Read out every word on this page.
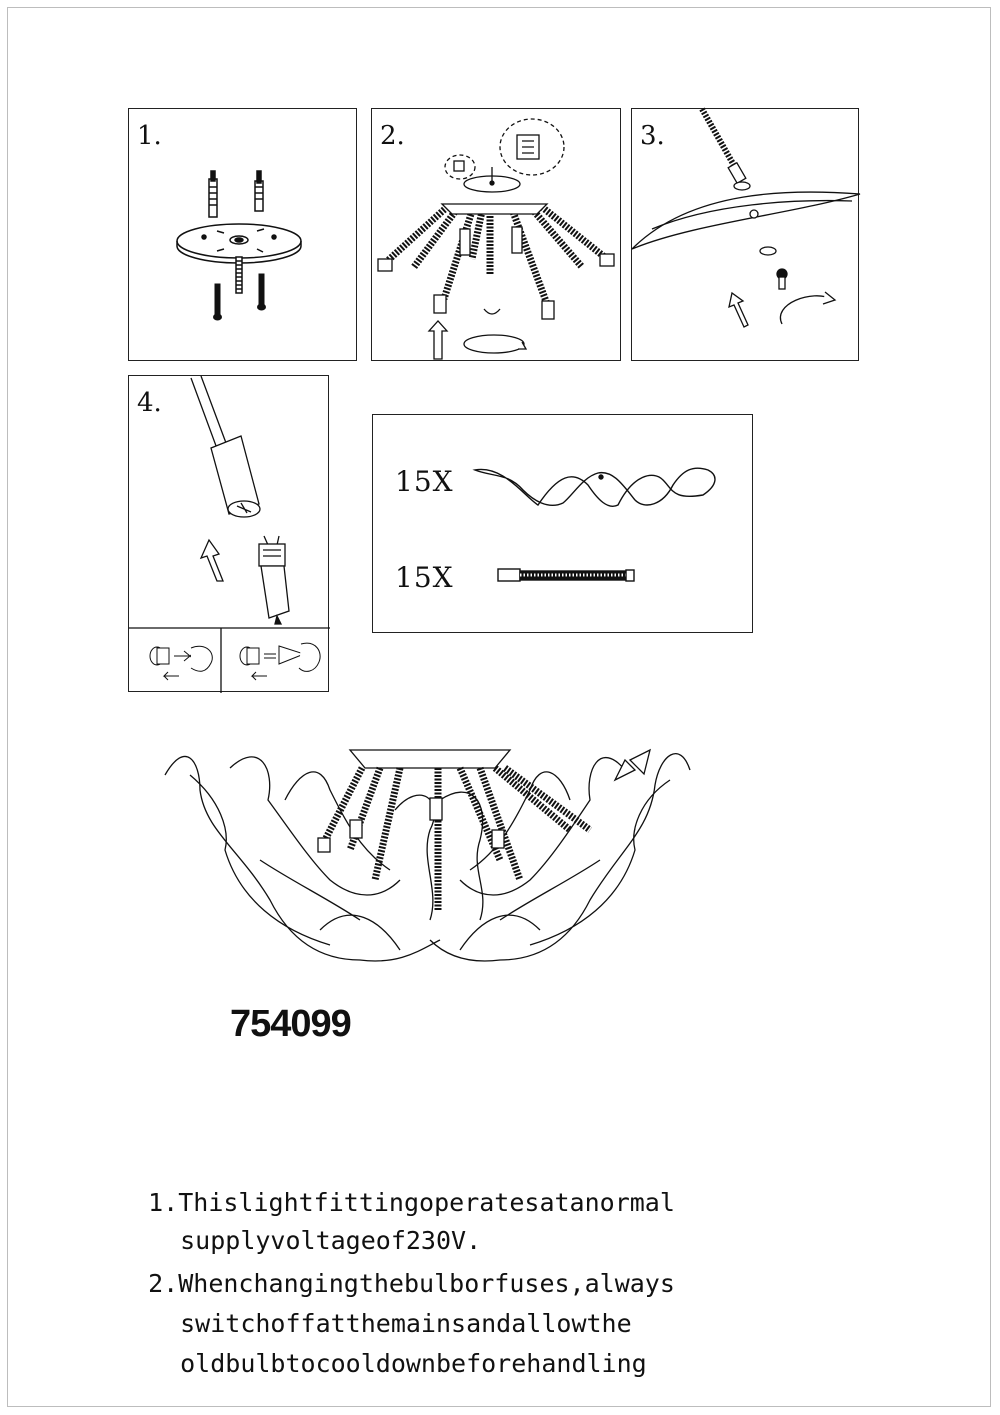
1.	2.	3.
4.
15X
15X
754099

1.Thislightfittingoperatesatanormal

supplyvoltageof230V.

2.Whenchangingthebulborfuses,always

switchoffatthemainsandallowthe

oldbulbtocooldownbeforehandling
